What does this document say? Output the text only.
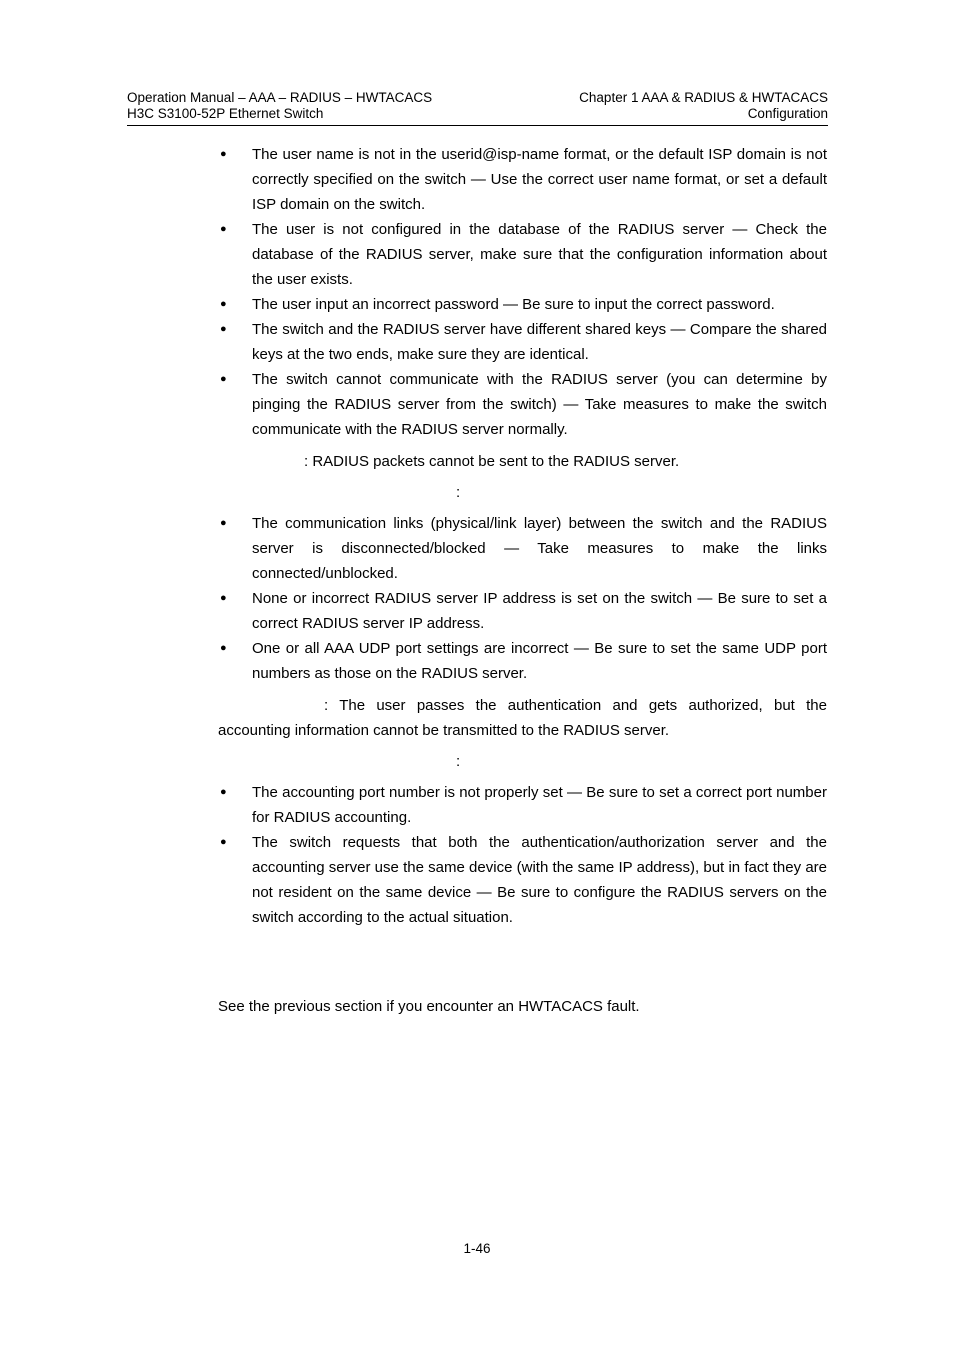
Operation Manual – AAA – RADIUS – HWTACACS
H3C S3100-52P Ethernet Switch
Chapter 1 AAA & RADIUS & HWTACACS
Configuration
● The user name is not in the userid@isp-name format, or the default ISP domain is not correctly specified on the switch — Use the correct user name format, or set a default ISP domain on the switch.
● The user is not configured in the database of the RADIUS server — Check the database of the RADIUS server, make sure that the configuration information about the user exists.
● The user input an incorrect password — Be sure to input the correct password.
● The switch and the RADIUS server have different shared keys — Compare the shared keys at the two ends, make sure they are identical.
● The switch cannot communicate with the RADIUS server (you can determine by pinging the RADIUS server from the switch) — Take measures to make the switch communicate with the RADIUS server normally.

: RADIUS packets cannot be sent to the RADIUS server.

:

● The communication links (physical/link layer) between the switch and the RADIUS server is disconnected/blocked — Take measures to make the links connected/unblocked.
● None or incorrect RADIUS server IP address is set on the switch — Be sure to set a correct RADIUS server IP address.
● One or all AAA UDP port settings are incorrect — Be sure to set the same UDP port numbers as those on the RADIUS server.

: The user passes the authentication and gets authorized, but the accounting information cannot be transmitted to the RADIUS server.

:

● The accounting port number is not properly set — Be sure to set a correct port number for RADIUS accounting.
● The switch requests that both the authentication/authorization server and the accounting server use the same device (with the same IP address), but in fact they are not resident on the same device — Be sure to configure the RADIUS servers on the switch according to the actual situation.

See the previous section if you encounter an HWTACACS fault.

1-46
